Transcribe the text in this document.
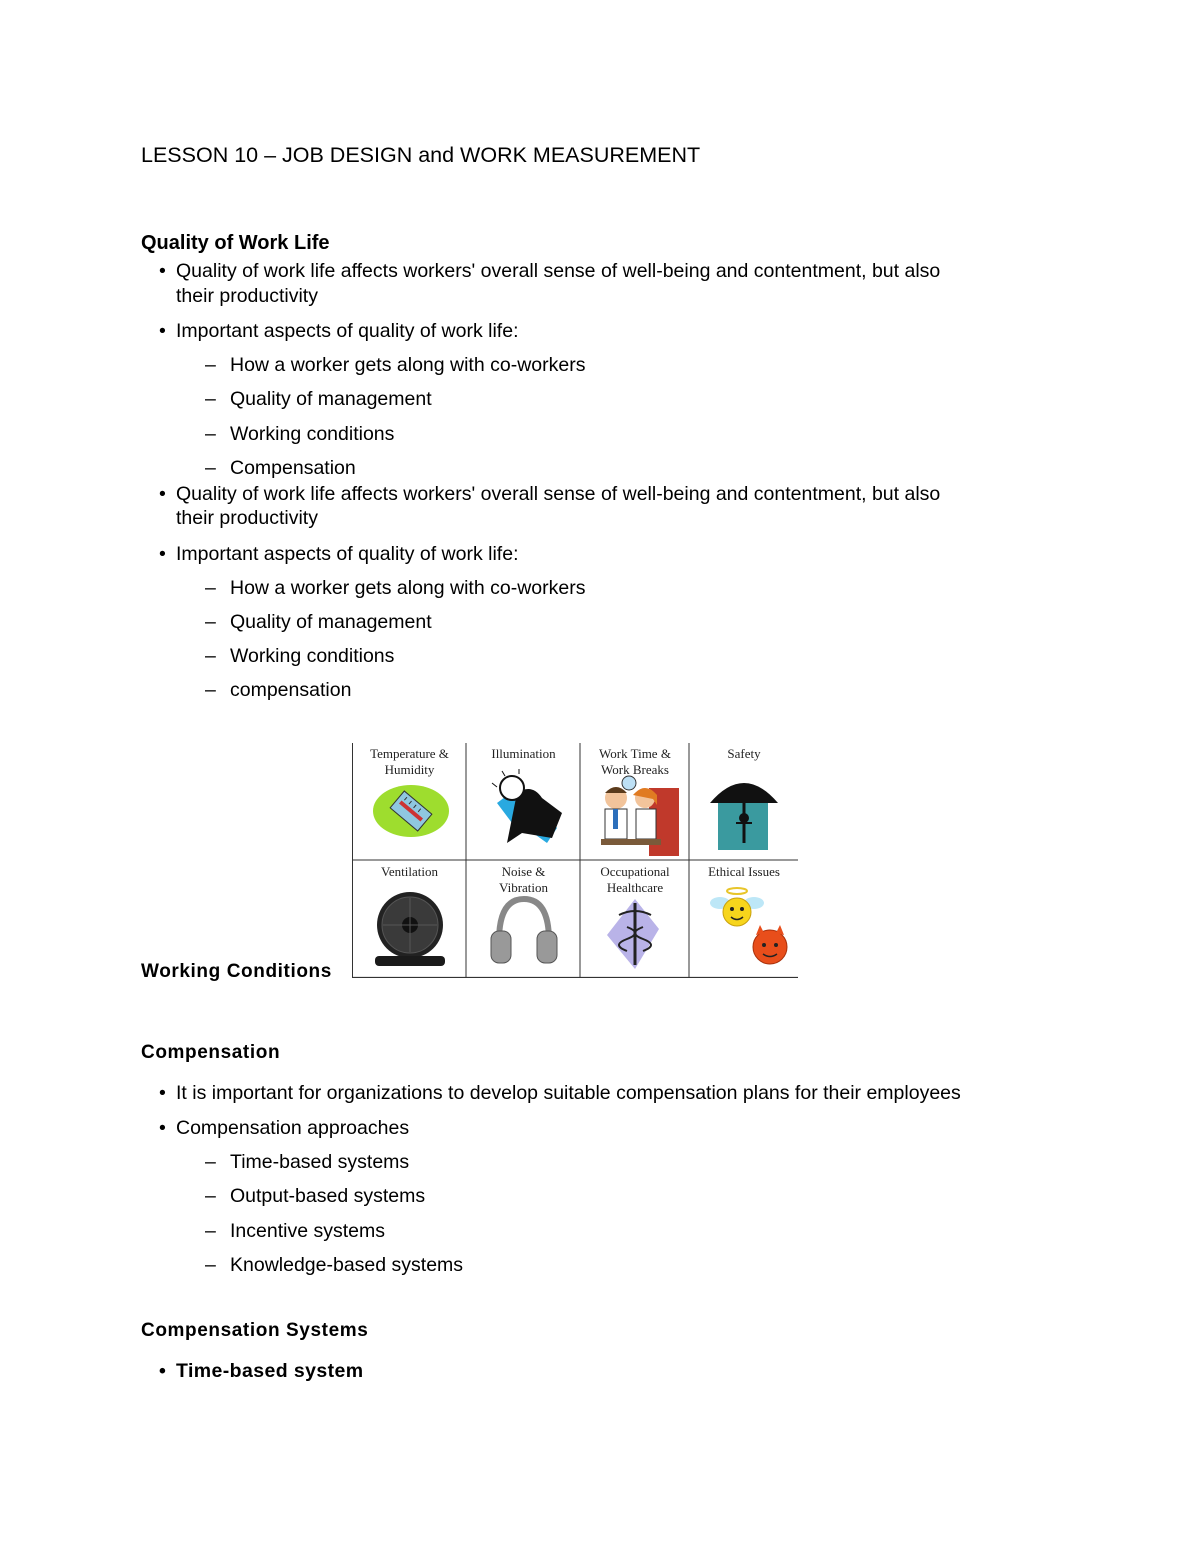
LESSON 10 – JOB DESIGN and WORK MEASUREMENT
Quality of Work Life
• Quality of work life affects workers' overall sense of well-being and contentment, but also
their productivity
• Important aspects of quality of work life:
– How a worker gets along with co-workers
– Quality of management
– Working conditions
– Compensation
• Quality of work life affects workers' overall sense of well-being and contentment, but also
their productivity
• Important aspects of quality of work life:
– How a worker gets along with co-workers
– Quality of management
– Working conditions
– compensation
Working Conditions
Temperature &
Humidity
Illumination	Work Time &
Work Breaks
Safety
Ventilation	Noise &
Vibration
Occupational
Healthcare
Ethical Issues
Compensation
• It is important for organizations to develop suitable compensation plans for their employees
• Compensation approaches
– Time-based systems
– Output-based systems
– Incentive systems
– Knowledge-based systems
Compensation Systems
• Time-based system
